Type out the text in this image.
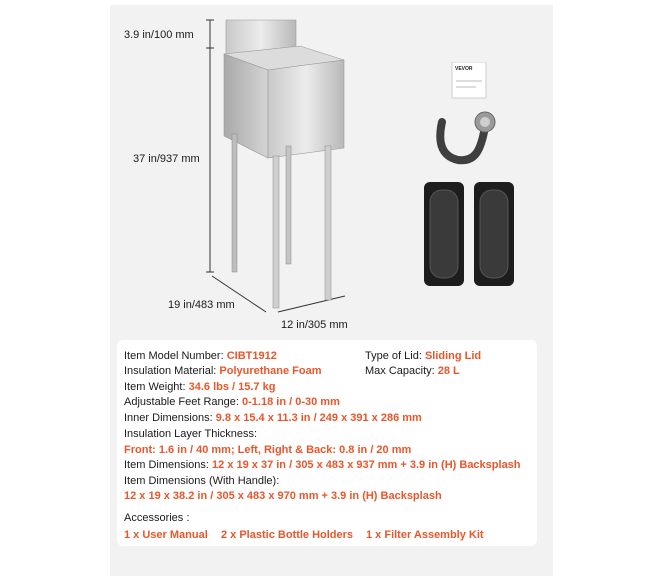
3.9 in/100 mm
37 in/937 mm
19 in/483 mm
12 in/305 mm
VEVOR
Item Model Number: CIBT1912	Type of Lid: Sliding Lid
Insulation Material: Polyurethane Foam	Max Capacity: 28 L
Item Weight: 34.6 lbs / 15.7 kg
Adjustable Feet Range: 0-1.18 in / 0-30 mm
Inner Dimensions: 9.8 x 15.4 x 11.3 in / 249 x 391 x 286 mm
Insulation Layer Thickness:
Front: 1.6 in / 40 mm; Left, Right & Back: 0.8 in / 20 mm
Item Dimensions: 12 x 19 x 37 in / 305 x 483 x 937 mm + 3.9 in (H) Backsplash
Item Dimensions (With Handle):
12 x 19 x 38.2 in / 305 x 483 x 970 mm + 3.9 in (H) Backsplash
Accessories :
1 x User Manual 2 x Plastic Bottle Holders 1 x Filter Assembly Kit
